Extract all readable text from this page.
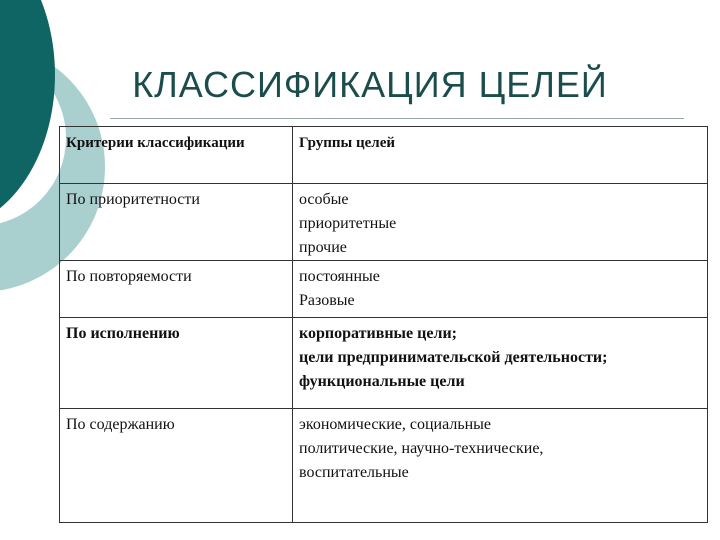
КЛАССИФИКАЦИЯ ЦЕЛЕЙ
Критерии классификации	Группы целей
По приоритетности	особые
приоритетные
прочие

По повторяемости	постоянные
Разовые

По исполнению	корпоративные цели;
цели предпринимательской деятельности;
функциональные цели

По содержанию	экономические, социальные
политические, научно-технические,
воспитательные
